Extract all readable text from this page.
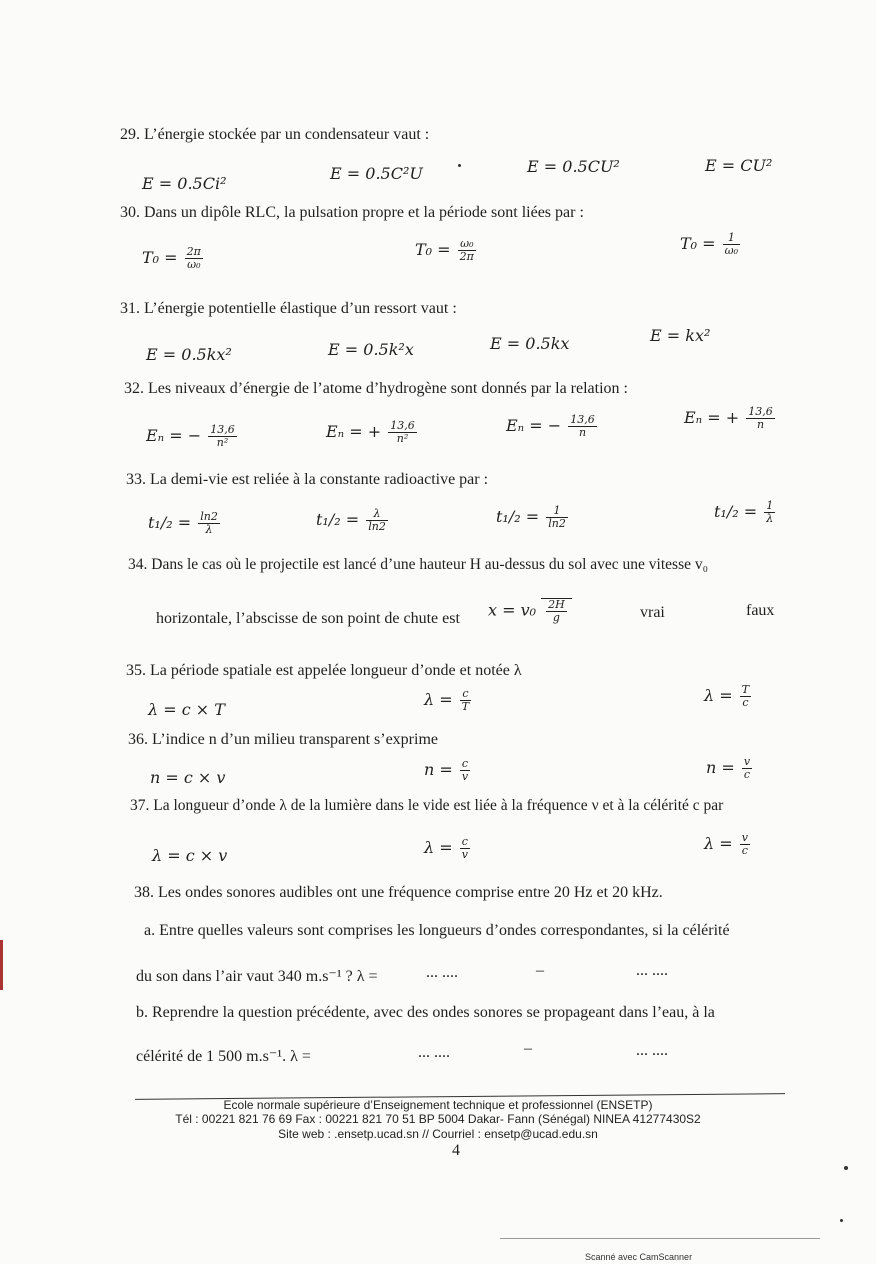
29. L’énergie stockée par un condensateur vaut :
E = 0.5Ci²
E = 0.5C²U	E = 0.5CU²	E = CU²
30. Dans un dipôle RLC, la pulsation propre et la période sont liées par :
$T_0 = \frac{2\pi}{\text{ω₀}}$	$T_0 = \frac{\text{ω₀}}{2\pi}$	$T_0 = \frac{1}{\text{ω₀}}$
31. L’énergie potentielle élastique d’un ressort vaut :
E = 0.5kx²	E = 0.5k²x	E = 0.5kx	E = kx²
32. Les niveaux d’énergie de l’atome d’hydrogène sont donnés par la relation :
Eₙ = − $\frac{13,6}{\text{n²}}$	Eₙ = + $\frac{13,6}{\text{n²}}$	Eₙ = − $\frac{13,6}{n}$	Eₙ = + $\frac{13,6}{n}$
33. La demi-vie est reliée à la constante radioactive par :
$t_1/_2 = \frac{\ln 2}{\lambda}$	$t_1/_2 = \frac{\lambda}{\ln 2}$	$t_1/_2 = \frac{1}{\ln 2}$	$t_1/_2 = \frac{1}{\lambda}$
34. Dans le cas où le projectile est lancé d’une hauteur H au-dessus du sol avec une vitesse v₀
horizontale, l’abscisse de son point de chute est $x = v_0 \frac{2H}{g}$	vrai	faux
35. La période spatiale est appelée longueur d’onde et notée λ
λ = c × T
$\lambda = \frac{c}{T}$	$\lambda = \frac{T}{c}$
36. L’indice n d’un milieu transparent s’exprime
n = c × v	$n = \frac{c}{v}$	$n = \frac{v}{c}$
37. La longueur d’onde λ de la lumière dans le vide est liée à la fréquence ν et à la célérité c par
λ = c × v	$\lambda = \frac{c}{v}$	$\lambda = \frac{v}{c}$
38. Les ondes sonores audibles ont une fréquence comprise entre 20 Hz et 20 kHz.
a. Entre quelles valeurs sont comprises les longueurs d’ondes correspondantes, si la célérité
du son dans l’air vaut 340 m.s⁻¹ ? λ =	... ....	–	... ....
b. Reprendre la question précédente, avec des ondes sonores se propageant dans l’eau, à la
célérité de 1 500 m.s⁻¹. λ =	... ....	–	... ....
Ecole normale supérieure d’Enseignement technique et professionnel (ENSETP)
Tél : 00221 821 76 69 Fax : 00221 821 70 51 BP 5004 Dakar- Fann (Sénégal) NINEA 41277430S2
Site web : .ensetp.ucad.sn // Courriel : ensetp@ucad.edu.sn
4
Scanné avec CamScanner
